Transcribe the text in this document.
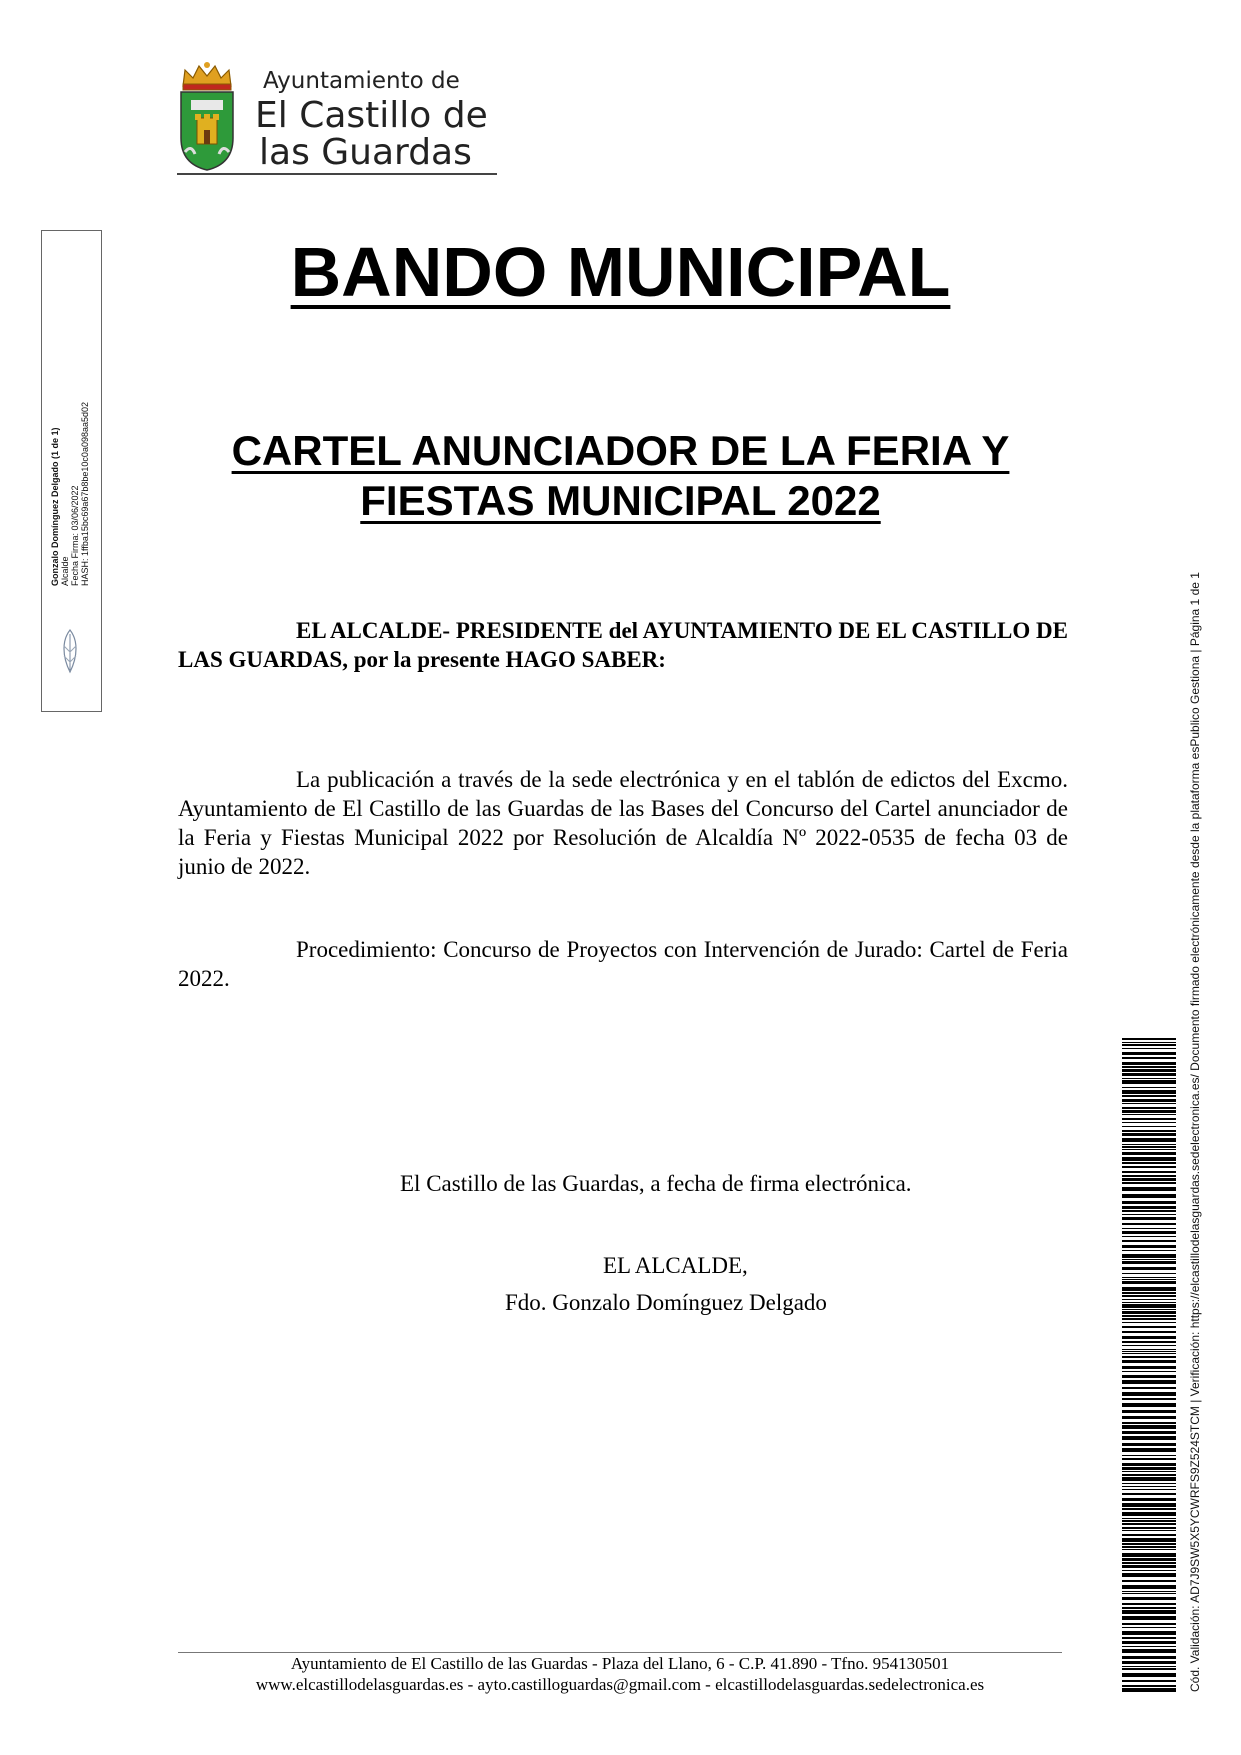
Ayuntamiento de
El Castillo de
las Guardas
Gonzalo Domínguez Delgado (1 de 1) Alcalde Fecha Firma: 03/06/2022 HASH: 1ffba15bc69a67b8be10c0a098aa5d02
BANDO MUNICIPAL
CARTEL ANUNCIADOR DE LA FERIA Y FIESTAS MUNICIPAL 2022
EL ALCALDE- PRESIDENTE del AYUNTAMIENTO DE EL CASTILLO DE LAS GUARDAS, por la presente HAGO SABER:
La publicación a través de la sede electrónica y en el tablón de edictos del Excmo. Ayuntamiento de El Castillo de las Guardas de las Bases del Concurso del Cartel anunciador de la Feria y Fiestas Municipal 2022 por Resolución de Alcaldía Nº 2022-0535 de fecha 03 de junio de 2022.
Procedimiento: Concurso de Proyectos con Intervención de Jurado: Cartel de Feria 2022.
El Castillo de las Guardas, a fecha de firma electrónica.
EL ALCALDE,
Fdo. Gonzalo Domínguez Delgado	Cód. Validación: AD7J9SW5X5YCWRFS9Z524STCM | Verificación: https://elcastillodelasguardas.sedelectronica.es/ Documento firmado electrónicamente desde la plataforma esPublico Gestiona | Página 1 de 1
Ayuntamiento de El Castillo de las Guardas - Plaza del Llano, 6 - C.P. 41.890 - Tfno. 954130501
www.elcastillodelasguardas.es - ayto.castilloguardas@gmail.com - elcastillodelasguardas.sedelectronica.es
